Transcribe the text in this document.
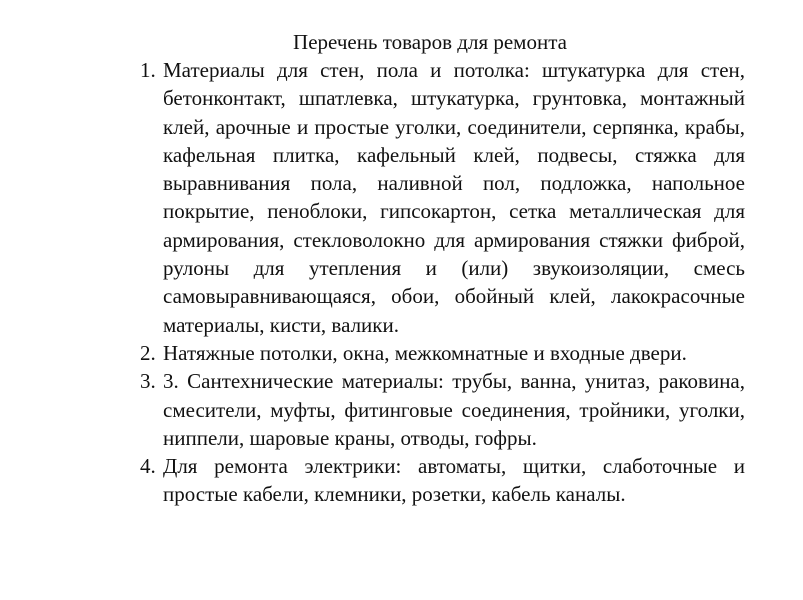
Перечень товаров для ремонта
1. Материалы для стен, пола и потолка: штукатурка для стен, бетонконтакт, шпатлевка, штукатурка, грунтовка, монтажный клей, арочные и простые уголки, соединители, серпянка, крабы, кафельная плитка, кафельный клей, подвесы, стяжка для выравнивания пола, наливной пол, подложка, напольное покрытие, пеноблоки, гипсокартон, сетка металлическая для армирования, стекловолокно для армирования стяжки фиброй, рулоны для утепления и (или) звукоизоляции, смесь самовыравнивающаяся, обои, обойный клей, лакокрасочные материалы, кисти, валики.
2. Натяжные потолки, окна, межкомнатные и входные двери.
3. 3. Сантехнические материалы: трубы, ванна, унитаз, раковина, смесители, муфты, фитинговые соединения, тройники, уголки, ниппели, шаровые краны, отводы, гофры.
4. Для ремонта электрики: автоматы, щитки, слаботочные и простые кабели, клемники, розетки, кабель каналы.
